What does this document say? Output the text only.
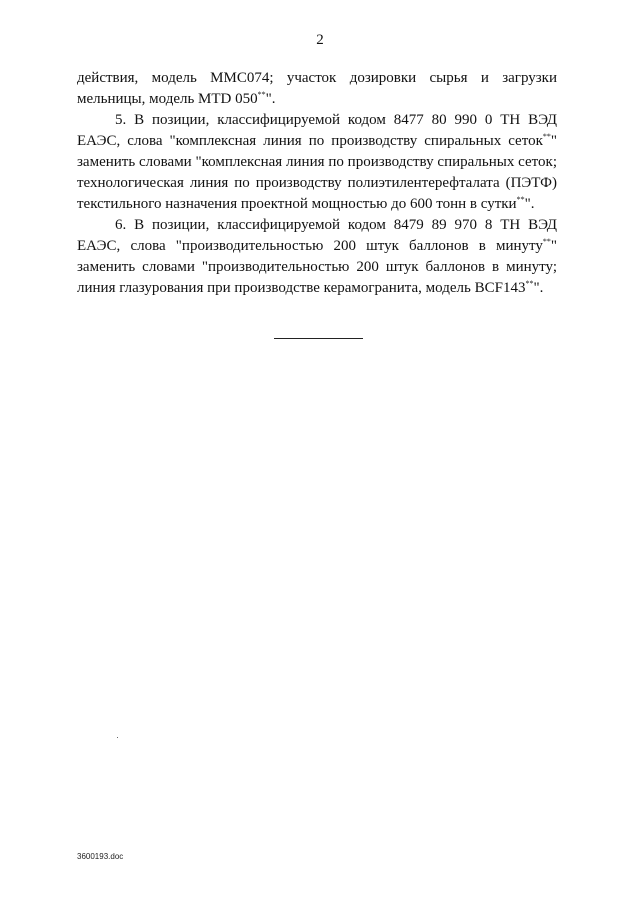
2

действия, модель ММС074; участок дозировки сырья и загрузки мельницы, модель MTD 050**".

5. В позиции, классифицируемой кодом 8477 80 990 0 ТН ВЭД ЕАЭС, слова "комплексная линия по производству спиральных сеток**" заменить словами "комплексная линия по производству спиральных сеток; технологическая линия по производству полиэтилентерефталата (ПЭТФ) текстильного назначения проектной мощностью до 600 тонн в сутки**".

6. В позиции, классифицируемой кодом 8479 89 970 8 ТН ВЭД ЕАЭС, слова "производительностью 200 штук баллонов в минуту**" заменить словами "производительностью 200 штук баллонов в минуту; линия глазурования при производстве керамогранита, модель BCF143**".

3600193.doc
